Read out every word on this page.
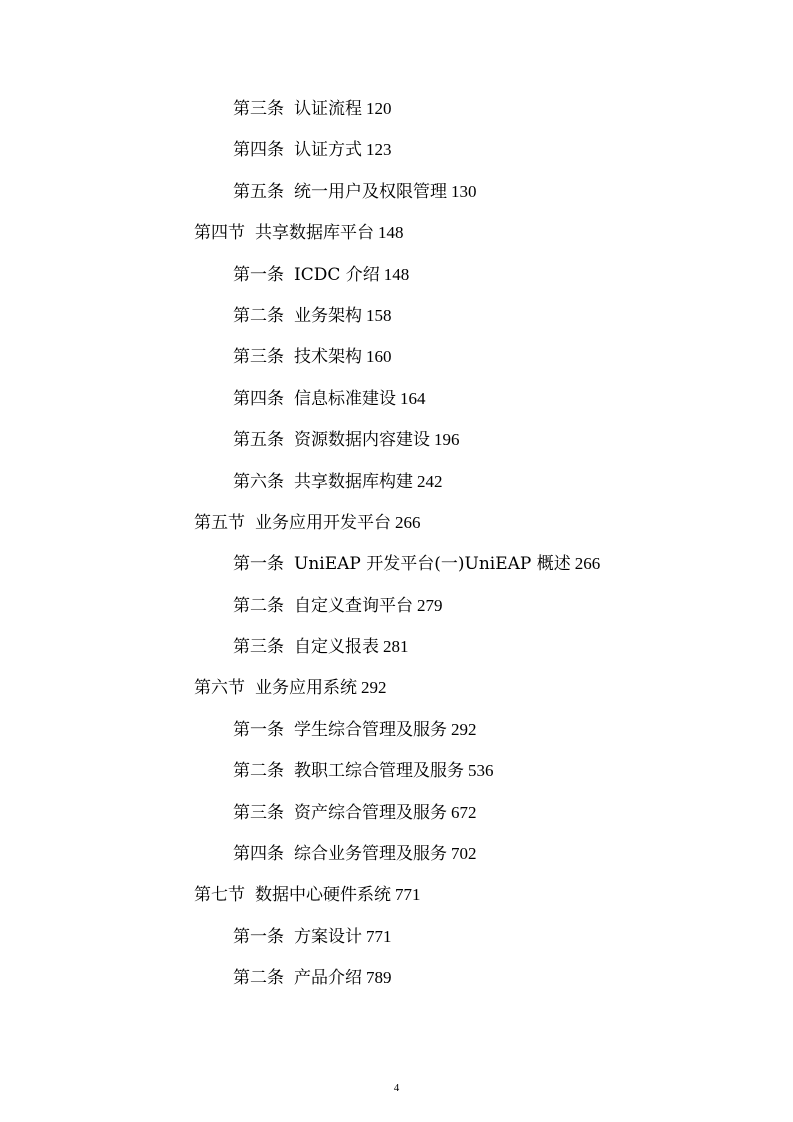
第三条 认证流程 120
第四条 认证方式 123
第五条 统一用户及权限管理 130
第四节 共享数据库平台 148
第一条 ICDC 介绍 148
第二条 业务架构 158
第三条 技术架构 160
第四条 信息标准建设 164
第五条 资源数据内容建设 196
第六条 共享数据库构建 242
第五节 业务应用开发平台 266
第一条 UniEAP 开发平台(一)UniEAP 概述 266
第二条 自定义查询平台 279
第三条 自定义报表 281
第六节 业务应用系统 292
第一条 学生综合管理及服务 292
第二条 教职工综合管理及服务 536
第三条 资产综合管理及服务 672
第四条 综合业务管理及服务 702
第七节 数据中心硬件系统 771
第一条 方案设计 771
第二条 产品介绍 789
4
